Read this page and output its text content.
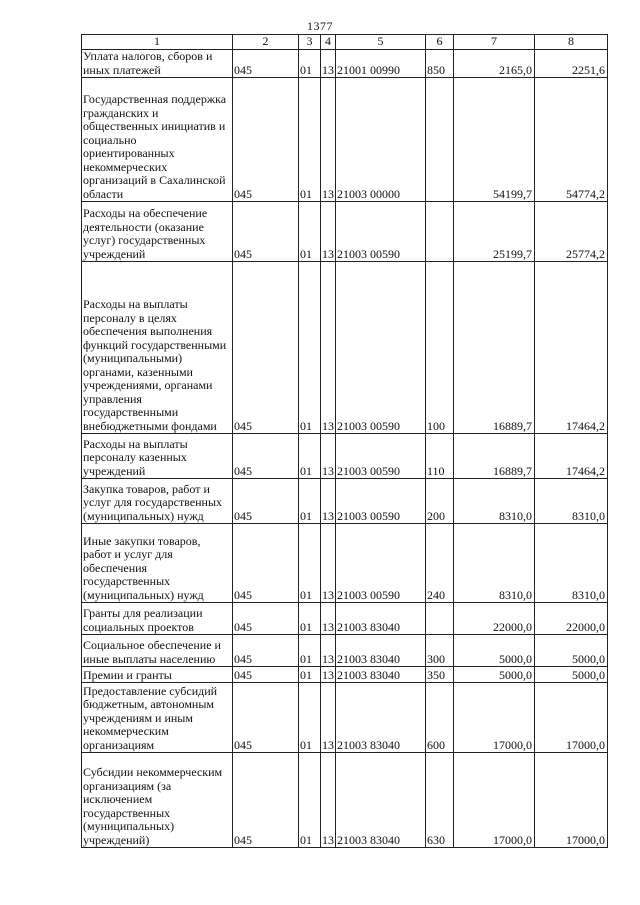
1377
1	2	3	4	5	6	7	8
Уплата налогов, сборов и иных платежей	045	01	13	21001 00990	850	2165,0	2251,6
Государственная поддержка гражданских и общественных инициатив и социально ориентированных некоммерческих организаций в Сахалинской области	045	01	13	21003 00000		54199,7	54774,2
Расходы на обеспечение деятельности (оказание услуг) государственных учреждений	045	01	13	21003 00590		25199,7	25774,2
Расходы на выплаты персоналу в целях обеспечения выполнения функций государственными (муниципальными) органами, казенными учреждениями, органами управления государственными внебюджетными фондами	045	01	13	21003 00590	100	16889,7	17464,2
Расходы на выплаты персоналу казенных учреждений	045	01	13	21003 00590	110	16889,7	17464,2
Закупка товаров, работ и услуг для государственных (муниципальных) нужд	045	01	13	21003 00590	200	8310,0	8310,0
Иные закупки товаров, работ и услуг для обеспечения государственных (муниципальных) нужд	045	01	13	21003 00590	240	8310,0	8310,0
Гранты для реализации социальных проектов	045	01	13	21003 83040		22000,0	22000,0
Социальное обеспечение и иные выплаты населению	045	01	13	21003 83040	300	5000,0	5000,0
Премии и гранты	045	01	13	21003 83040	350	5000,0	5000,0
Предоставление субсидий бюджетным, автономным учреждениям и иным некоммерческим организациям	045	01	13	21003 83040	600	17000,0	17000,0
Субсидии некоммерческим организациям (за исключением государственных (муниципальных) учреждений)	045	01	13	21003 83040	630	17000,0	17000,0
